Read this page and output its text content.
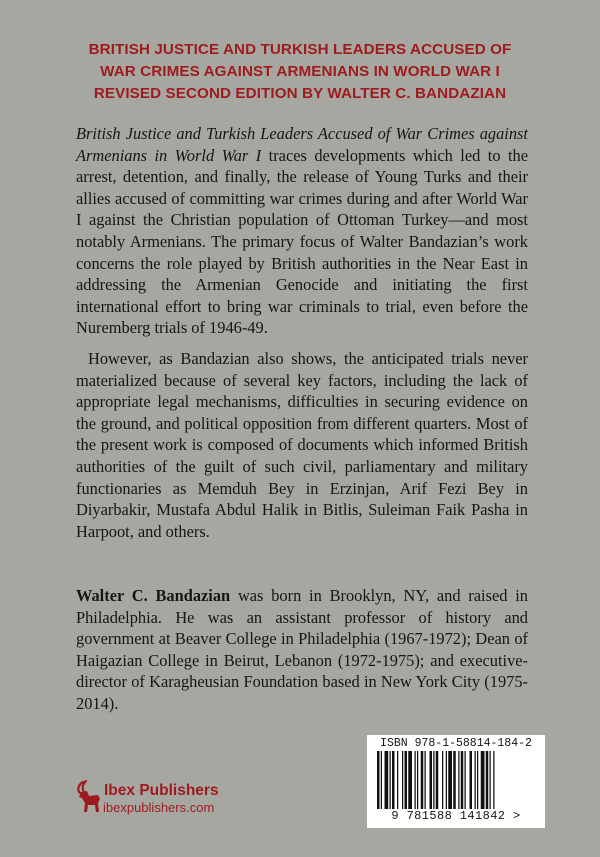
BRITISH JUSTICE AND TURKISH LEADERS ACCUSED OF
WAR CRIMES AGAINST ARMENIANS IN WORLD WAR I
REVISED SECOND EDITION BY WALTER C. BANDAZIAN

British Justice and Turkish Leaders Accused of War Crimes against Armenians in World War I traces developments which led to the arrest, detention, and finally, the release of Young Turks and their allies accused of committing war crimes during and after World War I against the Christian population of Ottoman Turkey—and most notably Armenians. The primary focus of Walter Bandazian’s work concerns the role played by British authorities in the Near East in addressing the Armenian Genocide and initiating the first international effort to bring war criminals to trial, even before the Nuremberg trials of 1946-49.

However, as Bandazian also shows, the anticipated trials never materialized because of several key factors, including the lack of appropriate legal mechanisms, difficulties in securing evidence on the ground, and political opposition from different quarters. Most of the present work is composed of documents which informed British authorities of the guilt of such civil, parliamentary and military functionaries as Memduh Bey in Erzinjan, Arif Fezi Bey in Diyarbakir, Mustafa Abdul Halik in Bitlis, Suleiman Faik Pasha in Harpoot, and others.

Walter C. Bandazian was born in Brooklyn, NY, and raised in Philadelphia. He was an assistant professor of history and government at Beaver College in Philadelphia (1967-1972); Dean of Haigazian College in Beirut, Lebanon (1972-1975); and executive-director of Karagheusian Foundation based in New York City (1975-2014).

ISBN 978-1-58814-184-2
9 781588 141842 >
Ibex Publishers
ibexpublishers.com
